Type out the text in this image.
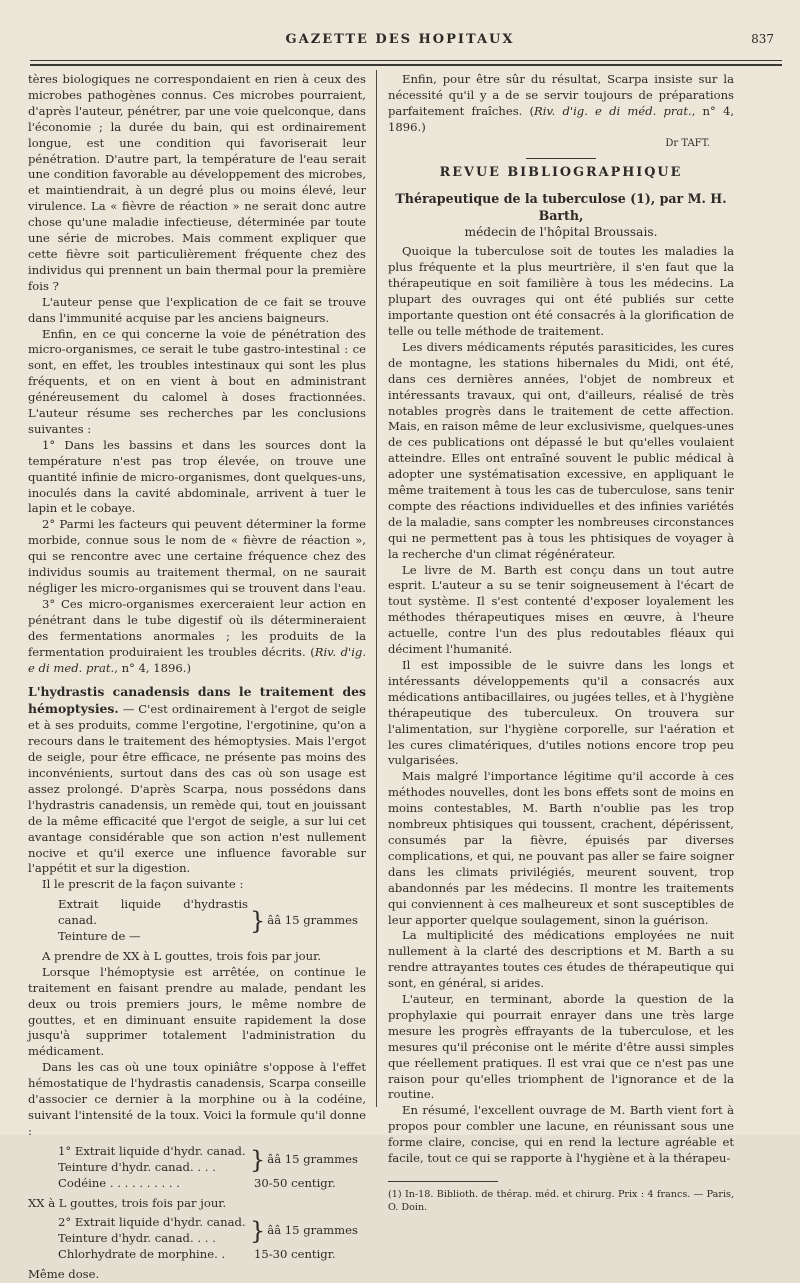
GAZETTE DES HOPITAUX	837

tères biologiques ne correspondaient en rien à ceux des microbes pathogènes connus. Ces microbes pourraient, d'après l'auteur, pénétrer, par une voie quelconque, dans l'économie ; la durée du bain, qui est ordinairement longue, est une condition qui favoriserait leur pénétration. D'autre part, la température de l'eau serait une condition favorable au développement des microbes, et maintiendrait, à un degré plus ou moins élevé, leur virulence. La « fièvre de réaction » ne serait donc autre chose qu'une maladie infectieuse, déterminée par toute une série de microbes. Mais comment expliquer que cette fièvre soit particulièrement fréquente chez des individus qui prennent un bain thermal pour la première fois ?

L'auteur pense que l'explication de ce fait se trouve dans l'immunité acquise par les anciens baigneurs.

Enfin, en ce qui concerne la voie de pénétration des micro-organismes, ce serait le tube gastro-intestinal : ce sont, en effet, les troubles intestinaux qui sont les plus fréquents, et on en vient à bout en administrant généreusement du calomel à doses fractionnées. L'auteur résume ses recherches par les conclusions suivantes :

1° Dans les bassins et dans les sources dont la température n'est pas trop élevée, on trouve une quantité infinie de micro-organismes, dont quelques-uns, inoculés dans la cavité abdominale, arrivent à tuer le lapin et le cobaye.

2° Parmi les facteurs qui peuvent déterminer la forme morbide, connue sous le nom de « fièvre de réaction », qui se rencontre avec une certaine fréquence chez des individus soumis au traitement thermal, on ne saurait négliger les micro-organismes qui se trouvent dans l'eau.

3° Ces micro-organismes exerceraient leur action en pénétrant dans le tube digestif où ils détermineraient des fermentations anormales ; les produits de la fermentation produiraient les troubles décrits. (Riv. d'ig. e di med. prat., n° 4, 1896.)

L'hydrastis canadensis dans le traitement des hémoptysies. — C'est ordinairement à l'ergot de seigle et à ses produits, comme l'ergotine, l'ergotinine, qu'on a recours dans le traitement des hémoptysies. Mais l'ergot de seigle, pour être efficace, ne présente pas moins des inconvénients, surtout dans des cas où son usage est assez prolongé. D'après Scarpa, nous possédons dans l'hydrastris canadensis, un remède qui, tout en jouissant de la même efficacité que l'ergot de seigle, a sur lui cet avantage considérable que son action n'est nullement nocive et qu'il exerce une influence favorable sur l'appétit et sur la digestion.

Il le prescrit de la façon suivante :

Extrait liquide d'hydrastis canad.
Teinture de —
} ââ 15 grammes

A prendre de XX à L gouttes, trois fois par jour.

Lorsque l'hémoptysie est arrêtée, on continue le traitement en faisant prendre au malade, pendant les deux ou trois premiers jours, le même nombre de gouttes, et en diminuant ensuite rapidement la dose jusqu'à supprimer totalement l'administration du médicament.

Dans les cas où une toux opiniâtre s'oppose à l'effet hémostatique de l'hydrastis canadensis, Scarpa conseille d'associer ce dernier à la morphine ou à la codéine, suivant l'intensité de la toux. Voici la formule qu'il donne :

1° Extrait liquide d'hydr. canad.
Teinture d'hydr. canad. . . .	} ââ 15 grammes
Codéine . . . . . . . . . .	30-50 centigr.

XX à L gouttes, trois fois par jour.

2° Extrait liquide d'hydr. canad.
Teinture d'hydr. canad. . . .	} ââ 15 grammes
Chlorhydrate de morphine. .	15-30 centigr.

Même dose.

Enfin, pour être sûr du résultat, Scarpa insiste sur la nécessité qu'il y a de se servir toujours de préparations parfaitement fraîches. (Riv. d'ig. e di méd. prat., n° 4, 1896.)

Dr TAFT.
REVUE BIBLIOGRAPHIQUE
Thérapeutique de la tuberculose (1), par M. H. Barth,
médecin de l'hôpital Broussais.

Quoique la tuberculose soit de toutes les maladies la plus fréquente et la plus meurtrière, il s'en faut que la thérapeutique en soit familière à tous les médecins. La plupart des ouvrages qui ont été publiés sur cette importante question ont été consacrés à la glorification de telle ou telle méthode de traitement.

Les divers médicaments réputés parasiticides, les cures de montagne, les stations hibernales du Midi, ont été, dans ces dernières années, l'objet de nombreux et intéressants travaux, qui ont, d'ailleurs, réalisé de très notables progrès dans le traitement de cette affection. Mais, en raison même de leur exclusivisme, quelques-unes de ces publications ont dépassé le but qu'elles voulaient atteindre. Elles ont entraîné souvent le public médical à adopter une systématisation excessive, en appliquant le même traitement à tous les cas de tuberculose, sans tenir compte des réactions individuelles et des infinies variétés de la maladie, sans compter les nombreuses circonstances qui ne permettent pas à tous les phtisiques de voyager à la recherche d'un climat régénérateur.

Le livre de M. Barth est conçu dans un tout autre esprit. L'auteur a su se tenir soigneusement à l'écart de tout système. Il s'est contenté d'exposer loyalement les méthodes thérapeutiques mises en œuvre, à l'heure actuelle, contre l'un des plus redoutables fléaux qui déciment l'humanité.

Il est impossible de le suivre dans les longs et intéressants développements qu'il a consacrés aux médications antibacillaires, ou jugées telles, et à l'hygiène thérapeutique des tuberculeux. On trouvera sur l'alimentation, sur l'hygiène corporelle, sur l'aération et les cures climatériques, d'utiles notions encore trop peu vulgarisées.

Mais malgré l'importance légitime qu'il accorde à ces méthodes nouvelles, dont les bons effets sont de moins en moins contestables, M. Barth n'oublie pas les trop nombreux phtisiques qui toussent, crachent, dépérissent, consumés par la fièvre, épuisés par diverses complications, et qui, ne pouvant pas aller se faire soigner dans les climats privilégiés, meurent souvent, trop abandonnés par les médecins. Il montre les traitements qui conviennent à ces malheureux et sont susceptibles de leur apporter quelque soulagement, sinon la guérison.

La multiplicité des médications employées ne nuit nullement à la clarté des descriptions et M. Barth a su rendre attrayantes toutes ces études de thérapeutique qui sont, en général, si arides.

L'auteur, en terminant, aborde la question de la prophylaxie qui pourrait enrayer dans une très large mesure les progrès effrayants de la tuberculose, et les mesures qu'il préconise ont le mérite d'être aussi simples que réellement pratiques. Il est vrai que ce n'est pas une raison pour qu'elles triomphent de l'ignorance et de la routine.

En résumé, l'excellent ouvrage de M. Barth vient fort à propos pour combler une lacune, en réunissant sous une forme claire, concise, qui en rend la lecture agréable et facile, tout ce qui se rapporte à l'hygiène et à la thérapeu-

(1) In-18. Biblioth. de thérap. méd. et chirurg. Prix : 4 francs. — Paris, O. Doin.
